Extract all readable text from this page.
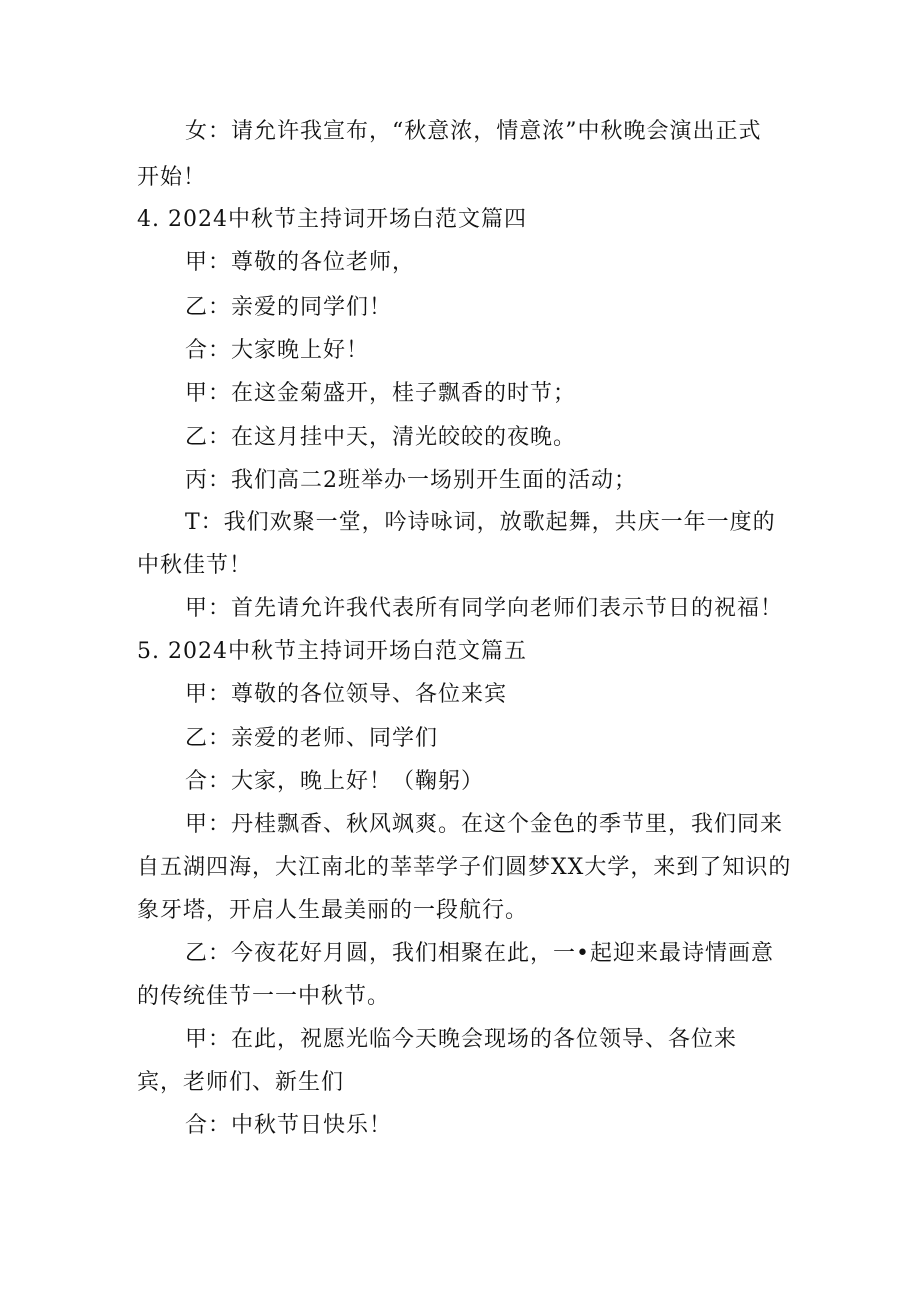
女：请允许我宣布，“秋意浓，情意浓”中秋晚会演出正式
开始！
4. 2024中秋节主持词开场白范文篇四
甲：尊敬的各位老师，
乙：亲爱的同学们！
合：大家晚上好！
甲：在这金菊盛开，桂子飘香的时节；
乙：在这月挂中天，清光皎皎的夜晚。
丙：我们高二2班举办一场别开生面的活动；
T：我们欢聚一堂，吟诗咏词，放歌起舞，共庆一年一度的
中秋佳节！
甲：首先请允许我代表所有同学向老师们表示节日的祝福！
5. 2024中秋节主持词开场白范文篇五
甲：尊敬的各位领导、各位来宾
乙：亲爱的老师、同学们
合：大家，晚上好！（鞠躬）
甲：丹桂飘香、秋风飒爽。在这个金色的季节里，我们同来
自五湖四海，大江南北的莘莘学子们圆梦XX大学，来到了知识的
象牙塔，开启人生最美丽的一段航行。
乙：今夜花好月圆，我们相聚在此，一•起迎来最诗情画意
的传统佳节一一中秋节。
甲：在此，祝愿光临今天晚会现场的各位领导、各位来
宾，老师们、新生们
合：中秋节日快乐！
